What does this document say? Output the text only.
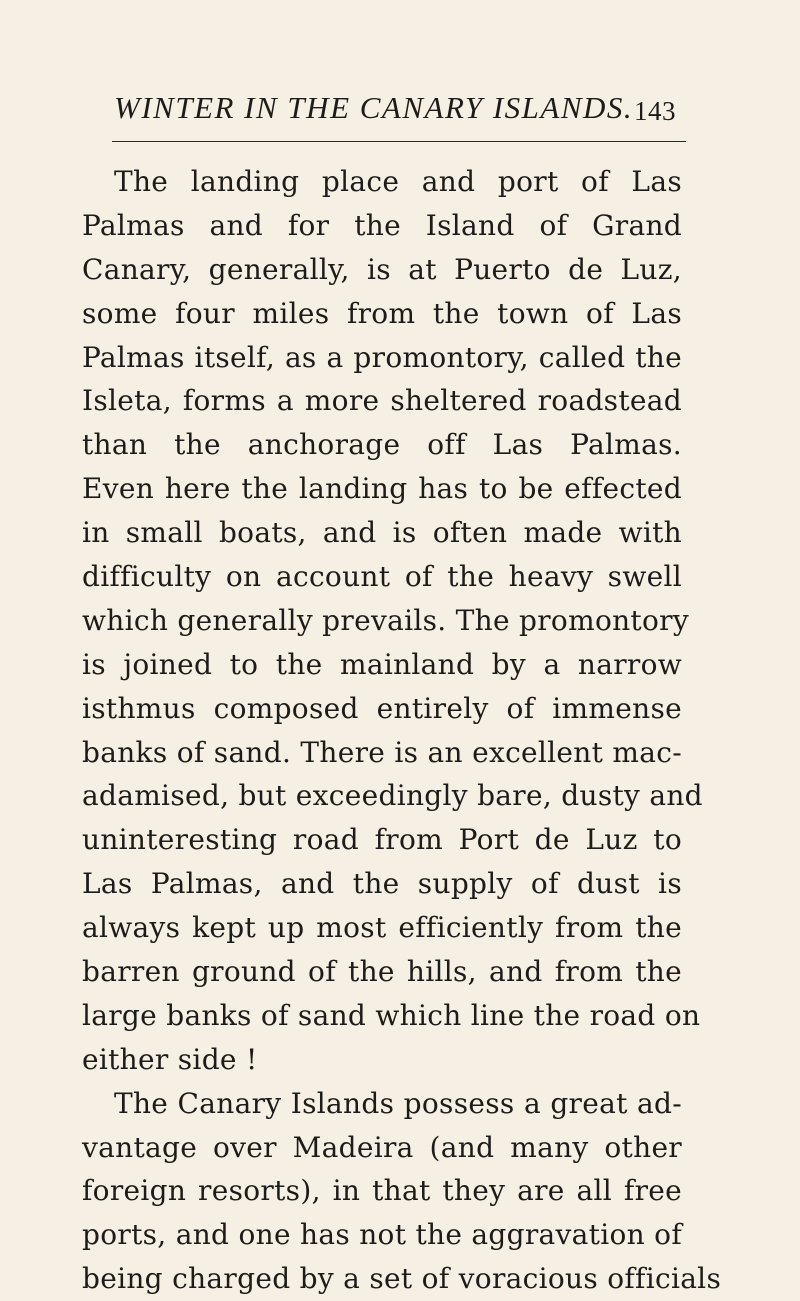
WINTER IN THE CANARY ISLANDS. 143
The landing place and port of Las
Palmas and for the Island of Grand
Canary, generally, is at Puerto de Luz,
some four miles from the town of Las
Palmas itself, as a promontory, called the
Isleta, forms a more sheltered roadstead
than the anchorage off Las Palmas.
Even here the landing has to be effected
in small boats, and is often made with
difficulty on account of the heavy swell
which generally prevails. The promontory
is joined to the mainland by a narrow
isthmus composed entirely of immense
banks of sand. There is an excellent mac-
adamised, but exceedingly bare, dusty and
uninteresting road from Port de Luz to
Las Palmas, and the supply of dust is
always kept up most efficiently from the
barren ground of the hills, and from the
large banks of sand which line the road on
either side !
The Canary Islands possess a great ad-
vantage over Madeira (and many other
foreign resorts), in that they are all free
ports, and one has not the aggravation of
being charged by a set of voracious officials
